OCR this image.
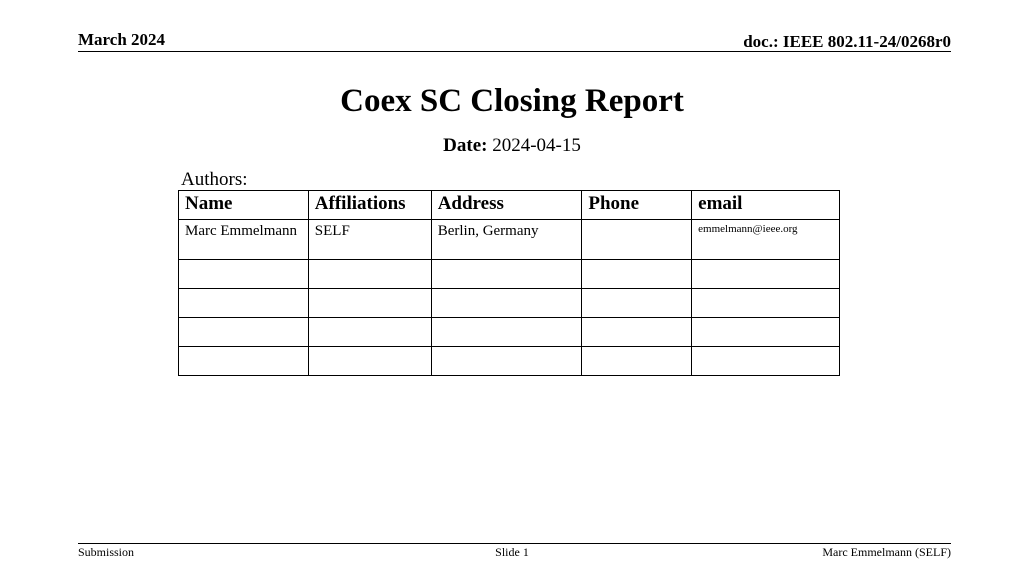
March 2024	doc.: IEEE 802.11-24/0268r0
Coex SC Closing Report
Date: 2024-04-15
Authors:
Name	Affiliations	Address	Phone	email
Marc Emmelmann	SELF	Berlin, Germany		emmelmann@ieee.org

Submission	Slide 1	Marc Emmelmann (SELF)
